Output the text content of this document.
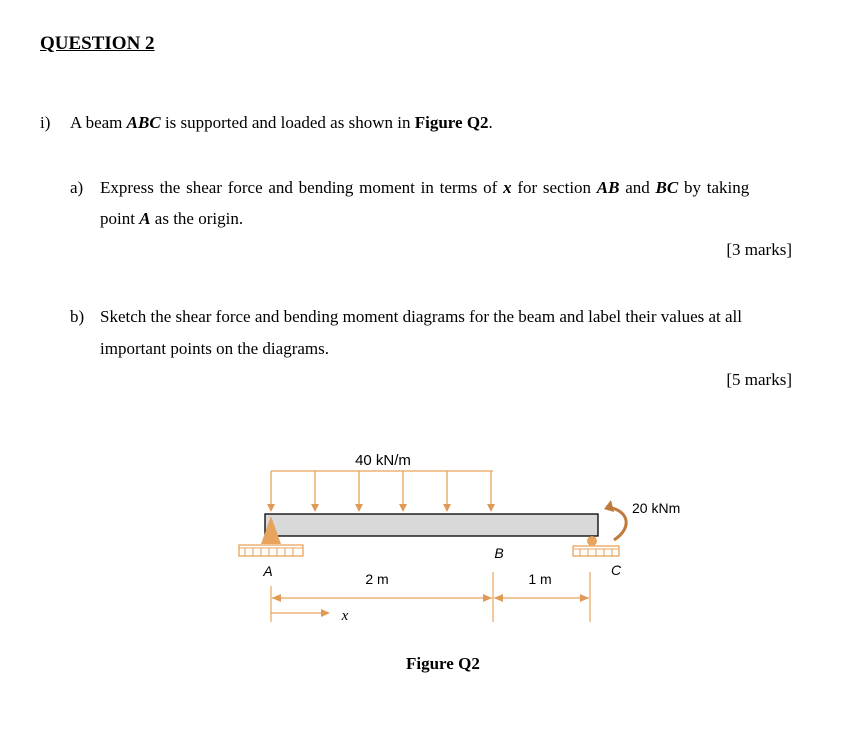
QUESTION 2
i) A beam ABC is supported and loaded as shown in Figure Q2.
a) Express the shear force and bending moment in terms of x for section AB and BC by taking
point A as the origin.
[3 marks]
b) Sketch the shear force and bending moment diagrams for the beam and label their values at all
important points on the diagrams.
[5 marks]
40 kN/m
20 kNm
A
B
C
2 m	1 m
x
Figure Q2
